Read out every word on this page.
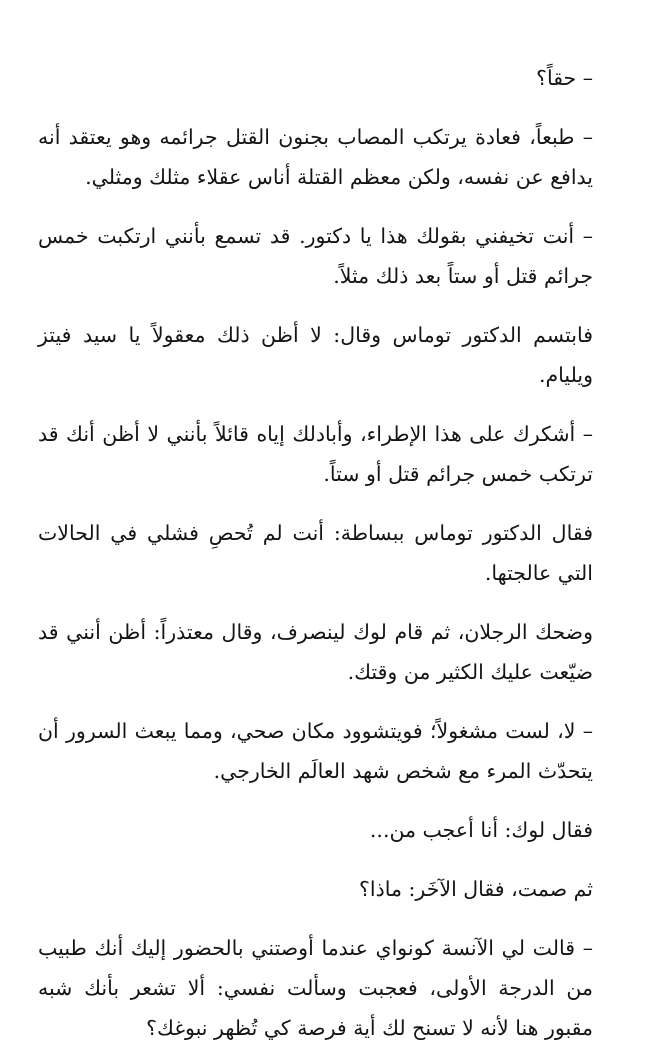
– حقاً؟

– طبعاً، فعادة يرتكب المصاب بجنون القتل جرائمه وهو يعتقد أنه يدافع عن نفسه، ولكن معظم القتلة أناس عقلاء مثلك ومثلي.

– أنت تخيفني بقولك هذا يا دكتور. قد تسمع بأنني ارتكبت خمس جرائم قتل أو ستاً بعد ذلك مثلاً.

فابتسم الدكتور توماس وقال: لا أظن ذلك معقولاً يا سيد فيتز ويليام.

– أشكرك على هذا الإطراء، وأبادلك إياه قائلاً بأنني لا أظن أنك قد ترتكب خمس جرائم قتل أو ستاً.

فقال الدكتور توماس ببساطة: أنت لم تُحصِ فشلي في الحالات التي عالجتها.

وضحك الرجلان، ثم قام لوك لينصرف، وقال معتذراً: أظن أنني قد ضيّعت عليك الكثير من وقتك.

– لا، لست مشغولاً؛ فويتشوود مكان صحي، ومما يبعث السرور أن يتحدّث المرء مع شخص شهد العالَم الخارجي.

فقال لوك: أنا أعجب من...

ثم صمت، فقال الآخَر: ماذا؟

– قالت لي الآنسة كونواي عندما أوصتني بالحضور إليك أنك طبيب من الدرجة الأولى، فعجبت وسألت نفسي: ألا تشعر بأنك شبه مقبور هنا لأنه لا تسنح لك أية فرصة كي تُظهر نبوغك؟
